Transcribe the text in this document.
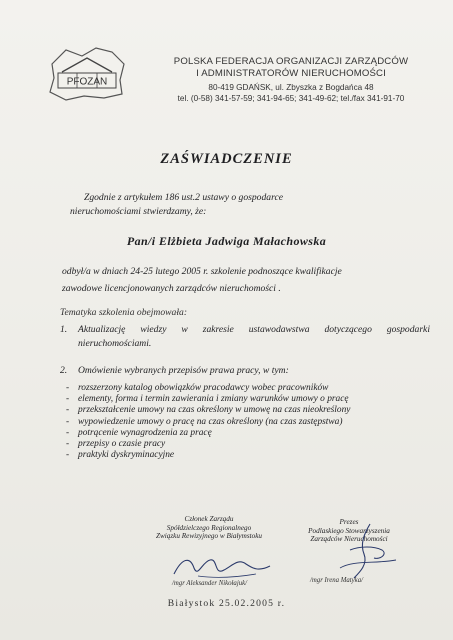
PFOZAN
POLSKA FEDERACJA ORGANIZACJI ZARZĄDCÓW
I ADMINISTRATORÓW NIERUCHOMOŚCI
80-419 GDAŃSK, ul. Zbyszka z Bogdańca 48
tel. (0-58) 341-57-59; 341-94-65; 341-49-62; tel./fax 341-91-70
ZAŚWIADCZENIE
Zgodnie z artykułem 186 ust.2 ustawy o gospodarce
nieruchomościami stwierdzamy, że:
Pan/i Elżbieta Jadwiga Małachowska
odbył/a w dniach 24-25 lutego 2005 r. szkolenie podnoszące kwalifikacje
zawodowe licencjonowanych zarządców nieruchomości .
Tematyka szkolenia obejmowała:
1. Aktualizację wiedzy w zakresie ustawodawstwa dotyczącego gospodarki nieruchomościami.
2. Omówienie wybranych przepisów prawa pracy, w tym:
- rozszerzony katalog obowiązków pracodawcy wobec pracowników
- elementy, forma i termin zawierania i zmiany warunków umowy o pracę
- przekształcenie umowy na czas określony w umowę na czas nieokreślony
- wypowiedzenie umowy o pracę na czas określony (na czas zastępstwa)
- potrącenie wynagrodzenia za pracę
- przepisy o czasie pracy
- praktyki dyskryminacyjne
Członek Zarządu
Spółdzielczego Regionalnego
Związku Rewizyjnego w Białymstoku
/mgr Aleksander Nikołajuk/
Prezes
Podlaskiego Stowarzyszenia
Zarządców Nieruchomości
/mgr Irena Matyka/
Białystok 25.02.2005 r.
